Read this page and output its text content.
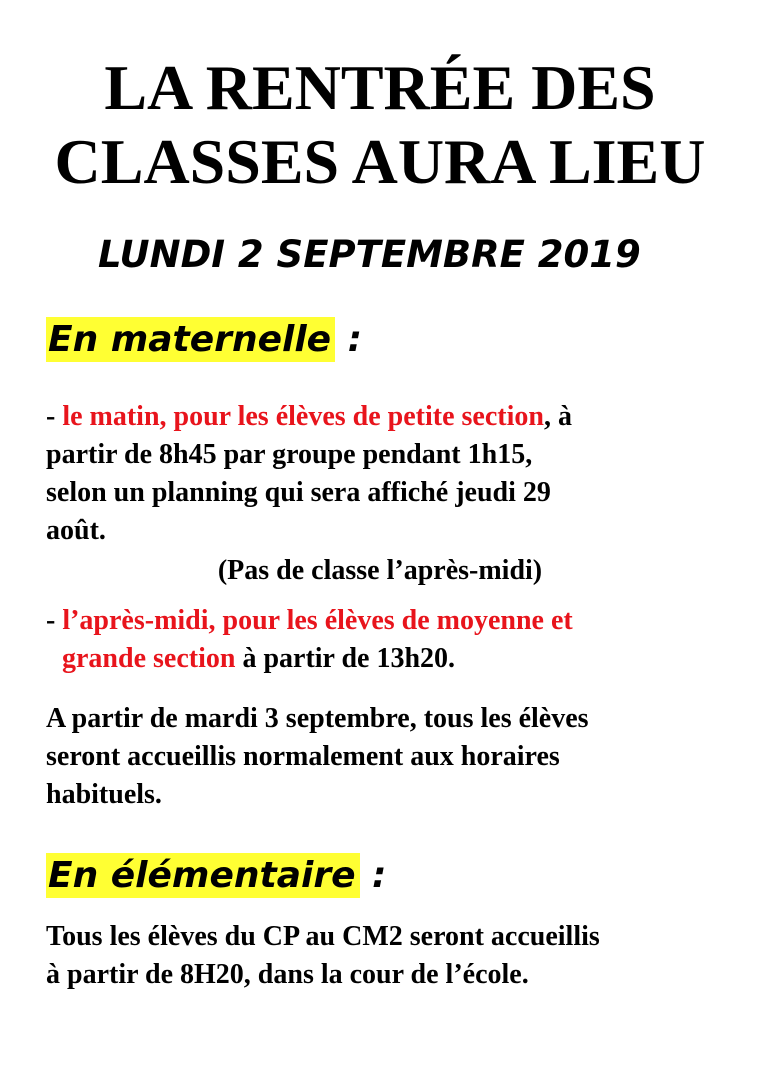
LA RENTRÉE DES
CLASSES AURA LIEU
LUNDI 2 SEPTEMBRE 2019
En maternelle :
- le matin, pour les élèves de petite section, à
partir de 8h45 par groupe pendant 1h15,
selon un planning qui sera affiché jeudi 29
août.
(Pas de classe l’après-midi)
- l’après-midi, pour les élèves de moyenne et
grande section à partir de 13h20.
A partir de mardi 3 septembre, tous les élèves
seront accueillis normalement aux horaires
habituels.
En élémentaire :
Tous les élèves du CP au CM2 seront accueillis
à partir de 8H20, dans la cour de l’école.
